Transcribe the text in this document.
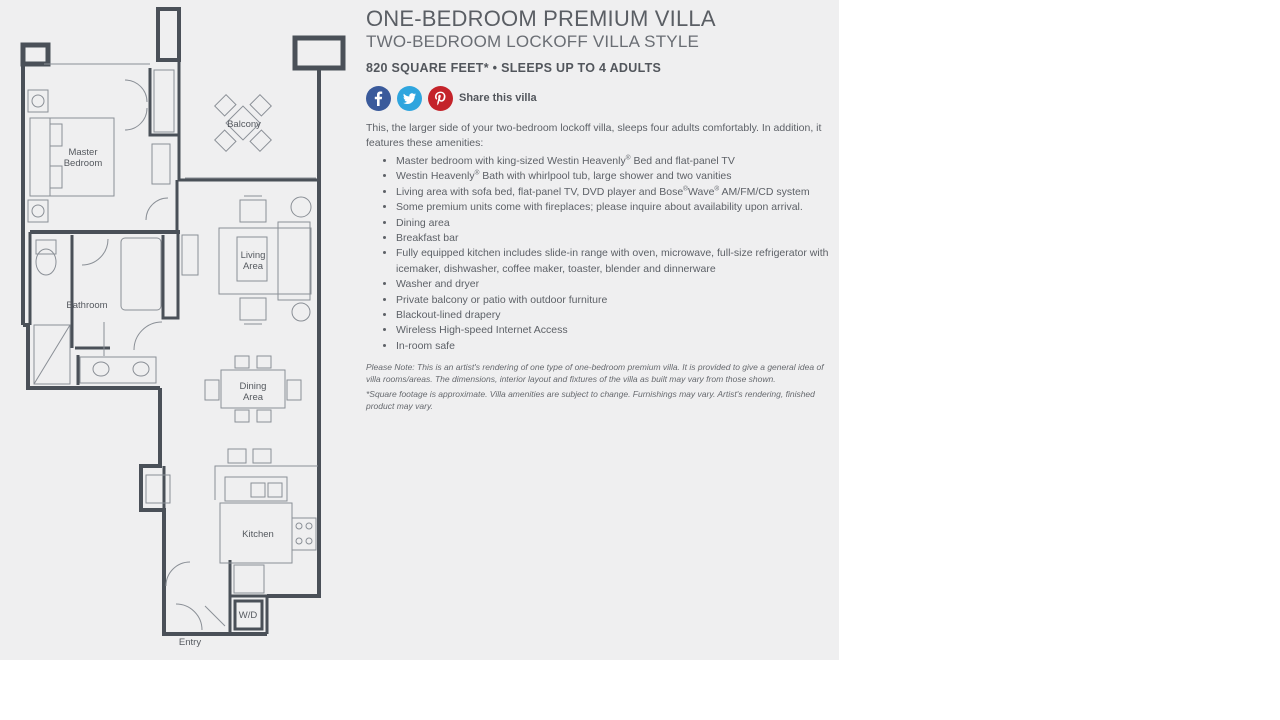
Master
Bedroom
Balcony
Living
Area
Bathroom
Dining
Area
Kitchen
W/D
Entry
ONE-BEDROOM PREMIUM VILLA
TWO-BEDROOM LOCKOFF VILLA STYLE
820 SQUARE FEET* • SLEEPS UP TO 4 ADULTS
Share this villa
This, the larger side of your two-bedroom lockoff villa, sleeps four adults comfortably. In addition, it features these amenities:
• Master bedroom with king-sized Westin Heavenly® Bed and flat-panel TV
• Westin Heavenly® Bath with whirlpool tub, large shower and two vanities
• Living area with sofa bed, flat-panel TV, DVD player and Bose®Wave® AM/FM/CD system
• Some premium units come with fireplaces; please inquire about availability upon arrival.
• Dining area
• Breakfast bar
• Fully equipped kitchen includes slide-in range with oven, microwave, full-size refrigerator with icemaker, dishwasher, coffee maker, toaster, blender and dinnerware
• Washer and dryer
• Private balcony or patio with outdoor furniture
• Blackout-lined drapery
• Wireless High-speed Internet Access
• In-room safe
Please Note: This is an artist's rendering of one type of one-bedroom premium villa. It is provided to give a general idea of villa rooms/areas. The dimensions, interior layout and fixtures of the villa as built may vary from those shown.
*Square footage is approximate. Villa amenities are subject to change. Furnishings may vary. Artist's rendering, finished product may vary.
